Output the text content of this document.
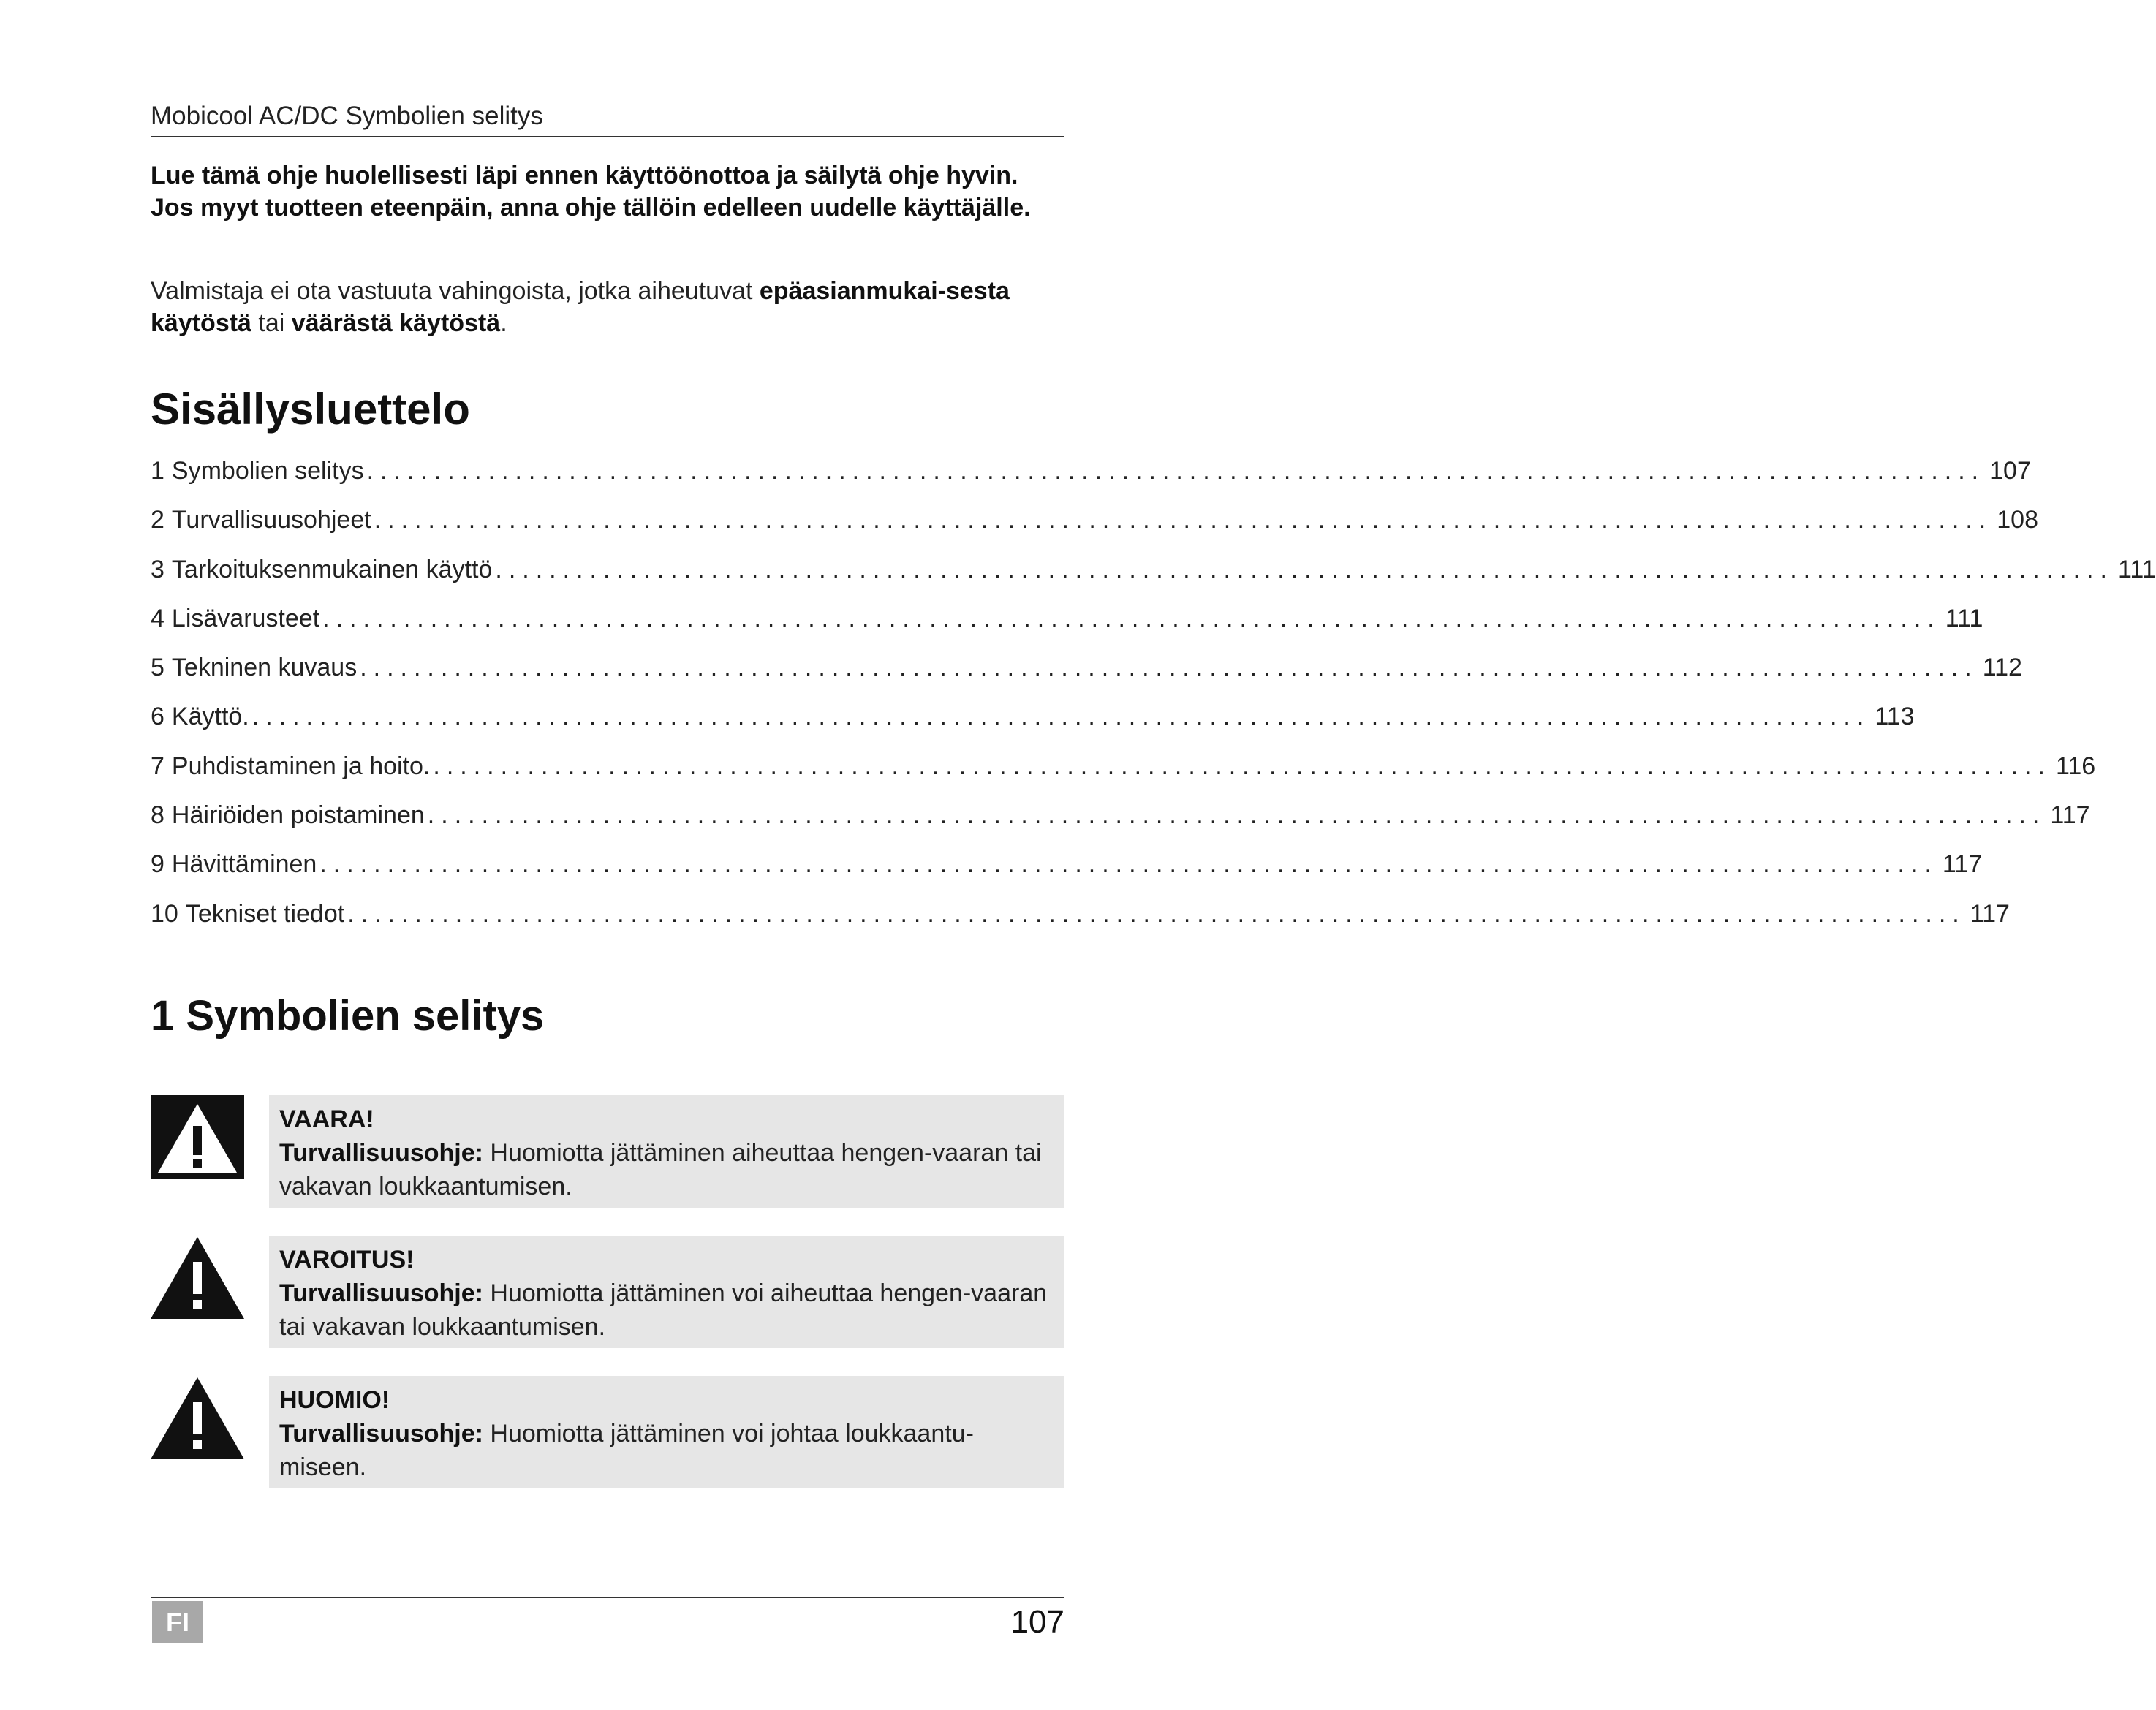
Mobicool AC/DC Symbolien selitys
Lue tämä ohje huolellisesti läpi ennen käyttöönottoa ja säilytä ohje hyvin. Jos myyt tuotteen eteenpäin, anna ohje tällöin edelleen uudelle käyttäjälle.
Valmistaja ei ota vastuuta vahingoista, jotka aiheutuvat epäasianmukai-sesta käytöstä tai väärästä käytöstä.
Sisällysluettelo
1 Symbolien selitys ........................................................................................................................ 107
2 Turvallisuusohjeet ........................................................................................................................ 108
3 Tarkoituksenmukainen käyttö ........................................................................................................................ 111
4 Lisävarusteet ........................................................................................................................ 111
5 Tekninen kuvaus ........................................................................................................................ 112
6 Käyttö. ........................................................................................................................ 113
7 Puhdistaminen ja hoito. ........................................................................................................................ 116
8 Häiriöiden poistaminen ........................................................................................................................ 117
9 Hävittäminen ........................................................................................................................ 117
10 Tekniset tiedot ........................................................................................................................ 117
1 Symbolien selitys
VAARA!
Turvallisuusohje: Huomiotta jättäminen aiheuttaa hengen-vaaran tai vakavan loukkaantumisen.
VAROITUS!
Turvallisuusohje: Huomiotta jättäminen voi aiheuttaa hengen-vaaran tai vakavan loukkaantumisen.
HUOMIO!
Turvallisuusohje: Huomiotta jättäminen voi johtaa loukkaantu-miseen.
FI	107
